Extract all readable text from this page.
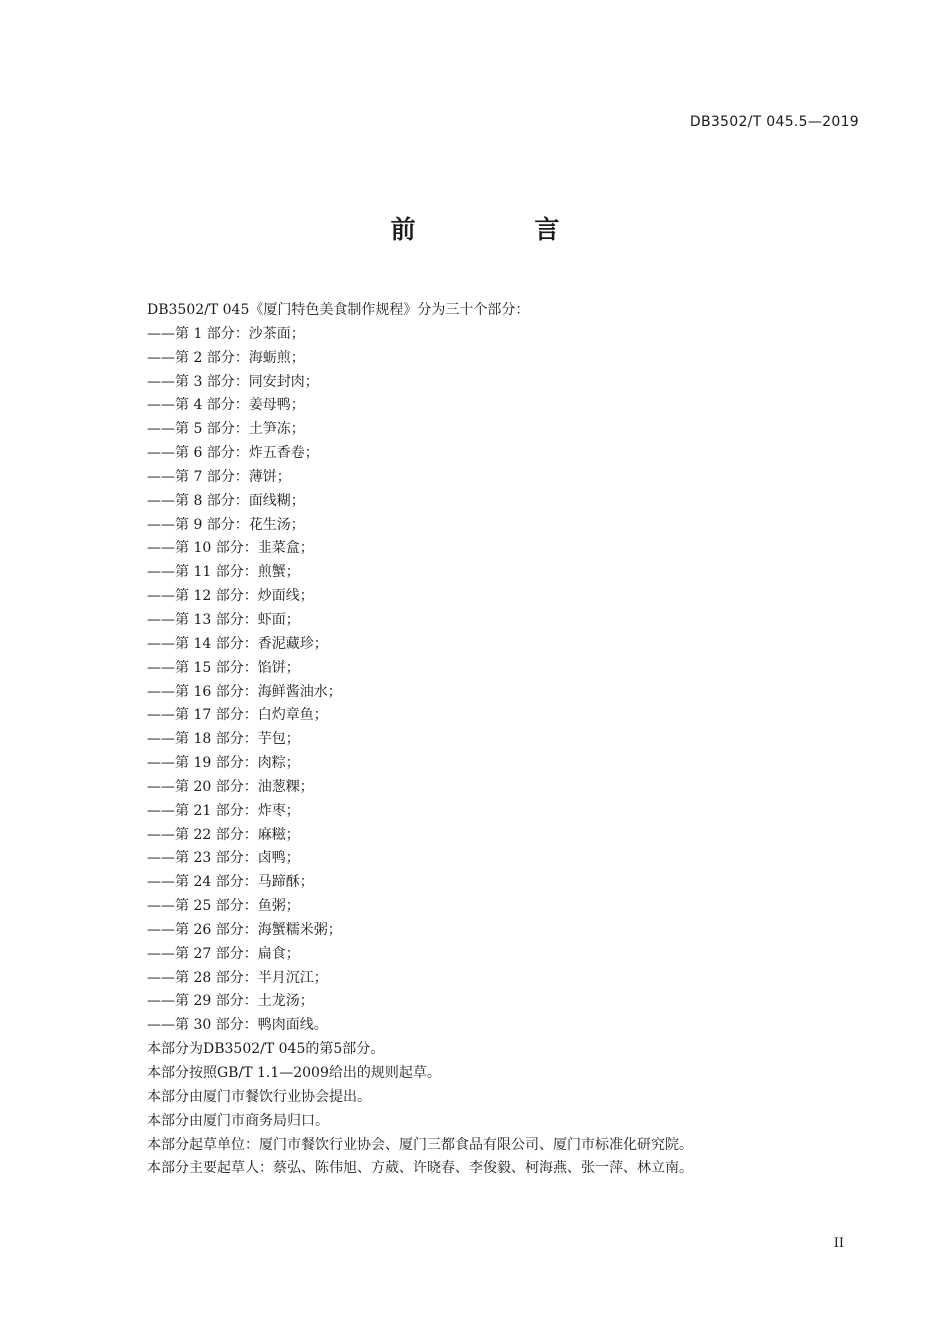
DB3502/T 045.5—2019
前 言
DB3502/T 045《厦门特色美食制作规程》分为三十个部分：
——第 1 部分：沙茶面；
——第 2 部分：海蛎煎；
——第 3 部分：同安封肉；
——第 4 部分：姜母鸭；
——第 5 部分：土笋冻；
——第 6 部分：炸五香卷；
——第 7 部分：薄饼；
——第 8 部分：面线糊；
——第 9 部分：花生汤；
——第 10 部分：韭菜盒；
——第 11 部分：煎蟹；
——第 12 部分：炒面线；
——第 13 部分：虾面；
——第 14 部分：香泥藏珍；
——第 15 部分：馅饼；
——第 16 部分：海鲜酱油水；
——第 17 部分：白灼章鱼；
——第 18 部分：芋包；
——第 19 部分：肉粽；
——第 20 部分：油葱粿；
——第 21 部分：炸枣；
——第 22 部分：麻糍；
——第 23 部分：卤鸭；
——第 24 部分：马蹄酥；
——第 25 部分：鱼粥；
——第 26 部分：海蟹糯米粥；
——第 27 部分：扁食；
——第 28 部分：半月沉江；
——第 29 部分：土龙汤；
——第 30 部分：鸭肉面线。
本部分为DB3502/T 045的第5部分。
本部分按照GB/T 1.1—2009给出的规则起草。
本部分由厦门市餐饮行业协会提出。
本部分由厦门市商务局归口。
本部分起草单位：厦门市餐饮行业协会、厦门三都食品有限公司、厦门市标准化研究院。
本部分主要起草人：蔡弘、陈伟旭、方葳、许晓春、李俊毅、柯海燕、张一萍、林立南。
II
